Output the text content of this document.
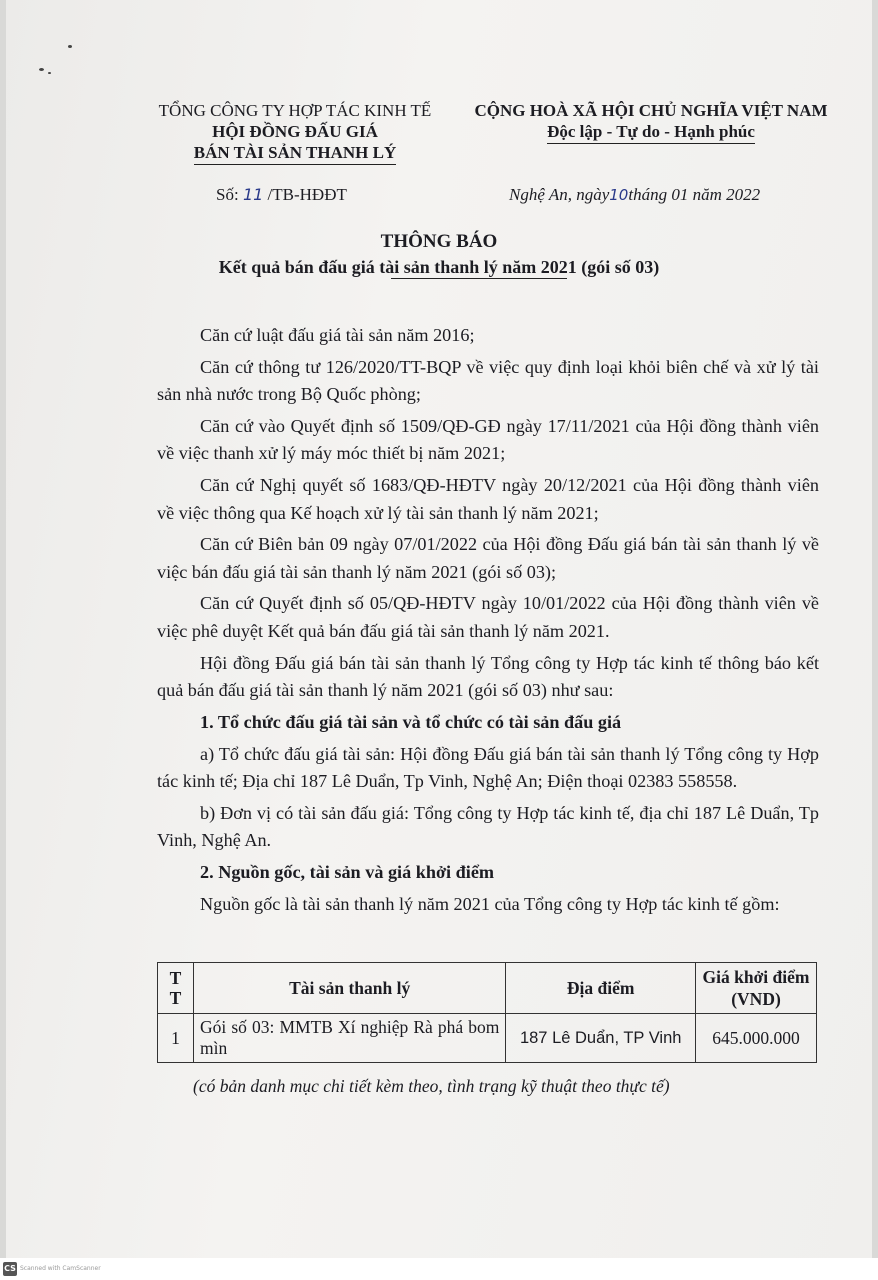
TỔNG CÔNG TY HỢP TÁC KINH TẾ
HỘI ĐỒNG ĐẤU GIÁ
BÁN TÀI SẢN THANH LÝ
CỘNG HOÀ XÃ HỘI CHỦ NGHĨA VIỆT NAM
Độc lập - Tự do - Hạnh phúc
Số: 11 /TB-HĐĐT	Nghệ An, ngày10tháng 01 năm 2022
THÔNG BÁO
Kết quả bán đấu giá tài sản thanh lý năm 2021 (gói số 03)

Căn cứ luật đấu giá tài sản năm 2016;

Căn cứ thông tư 126/2020/TT-BQP về việc quy định loại khỏi biên chế và xử lý tài sản nhà nước trong Bộ Quốc phòng;

Căn cứ vào Quyết định số 1509/QĐ-GĐ ngày 17/11/2021 của Hội đồng thành viên về việc thanh xử lý máy móc thiết bị năm 2021;

Căn cứ Nghị quyết số 1683/QĐ-HĐTV ngày 20/12/2021 của Hội đồng thành viên về việc thông qua Kế hoạch xử lý tài sản thanh lý năm 2021;

Căn cứ Biên bản 09 ngày 07/01/2022 của Hội đồng Đấu giá bán tài sản thanh lý về việc bán đấu giá tài sản thanh lý năm 2021 (gói số 03);

Căn cứ Quyết định số 05/QĐ-HĐTV ngày 10/01/2022 của Hội đồng thành viên về việc phê duyệt Kết quả bán đấu giá tài sản thanh lý năm 2021.

Hội đồng Đấu giá bán tài sản thanh lý Tổng công ty Hợp tác kinh tế thông báo kết quả bán đấu giá tài sản thanh lý năm 2021 (gói số 03) như sau:

1. Tổ chức đấu giá tài sản và tổ chức có tài sản đấu giá

a) Tổ chức đấu giá tài sản: Hội đồng Đấu giá bán tài sản thanh lý Tổng công ty Hợp tác kinh tế; Địa chỉ 187 Lê Duẩn, Tp Vinh, Nghệ An; Điện thoại 02383 558558.

b) Đơn vị có tài sản đấu giá: Tổng công ty Hợp tác kinh tế, địa chỉ 187 Lê Duẩn, Tp Vinh, Nghệ An.

2. Nguồn gốc, tài sản và giá khởi điểm

Nguồn gốc là tài sản thanh lý năm 2021 của Tổng công ty Hợp tác kinh tế gồm:

TT	Tài sản thanh lý	Địa điểm	Giá khởi điểm (VND)
1	Gói số 03: MMTB Xí nghiệp Rà phá bom mìn	187 Lê Duẩn, TP Vinh	645.000.000
(có bản danh mục chi tiết kèm theo, tình trạng kỹ thuật theo thực tế)
CS Scanned with CamScanner
